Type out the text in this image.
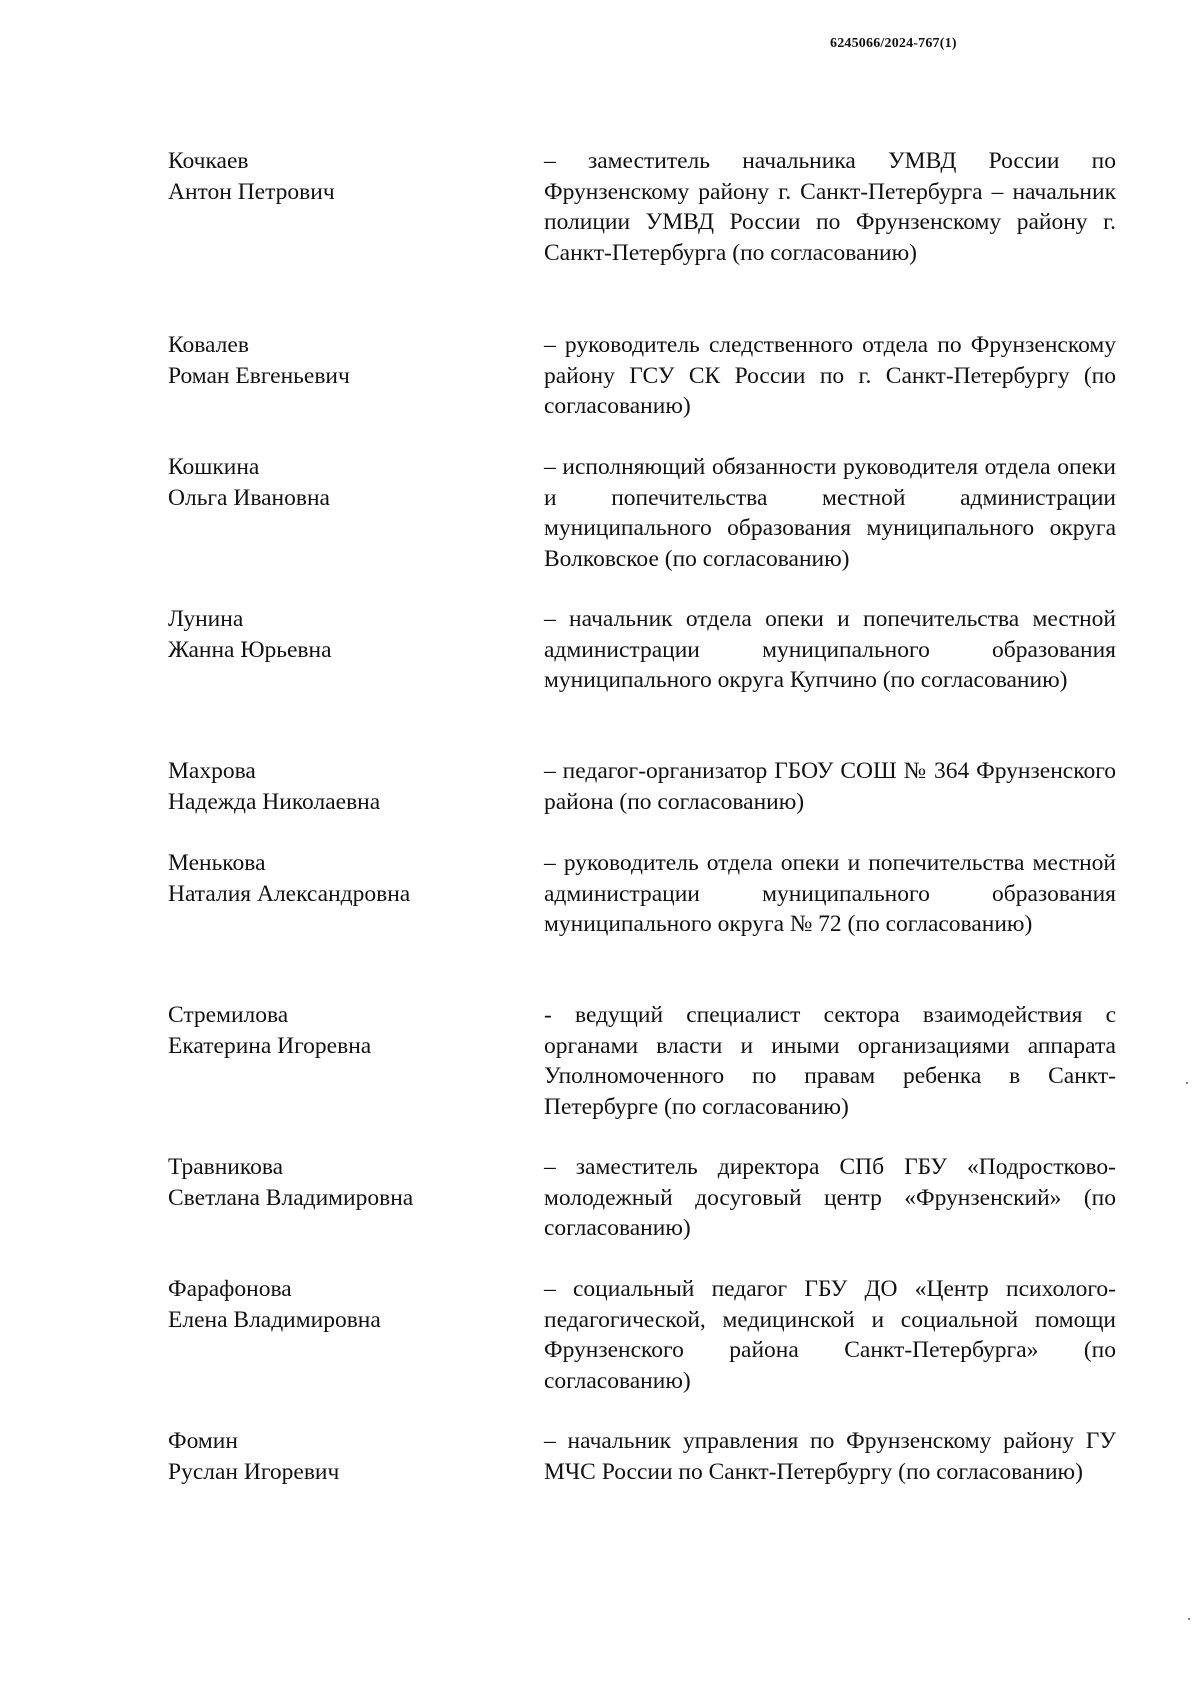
6245066/2024-767(1)
Кочкаев
Антон Петрович
– заместитель начальника УМВД России по Фрунзенскому району г. Санкт-Петербурга – начальник полиции УМВД России по Фрунзенскому району г. Санкт-Петербурга (по согласованию)
Ковалев
Роман Евгеньевич
– руководитель следственного отдела по Фрунзенскому району ГСУ СК России по г. Санкт-Петербургу (по согласованию)
Кошкина
Ольга Ивановна
– исполняющий обязанности руководителя отдела опеки и попечительства местной администрации муниципального образования муниципального округа Волковское (по согласованию)
Лунина
Жанна Юрьевна
– начальник отдела опеки и попечительства местной администрации муниципального образования муниципального округа Купчино (по согласованию)
Махрова
Надежда Николаевна
– педагог-организатор ГБОУ СОШ № 364 Фрунзенского района (по согласованию)
Менькова
Наталия Александровна
– руководитель отдела опеки и попечительства местной администрации муниципального образования муниципального округа № 72 (по согласованию)
Стремилова
Екатерина Игоревна
- ведущий специалист сектора взаимодействия с органами власти и иными организациями аппарата Уполномоченного по правам ребенка в Санкт-Петербурге (по согласованию)
Травникова
Светлана Владимировна
– заместитель директора СПб ГБУ «Подростково-молодежный досуговый центр «Фрунзенский» (по согласованию)
Фарафонова
Елена Владимировна
– социальный педагог ГБУ ДО «Центр психолого-педагогической, медицинской и социальной помощи Фрунзенского района Санкт-Петербурга» (по согласованию)
Фомин
Руслан Игоревич
– начальник управления по Фрунзенскому району ГУ МЧС России по Санкт-Петербургу (по согласованию)
